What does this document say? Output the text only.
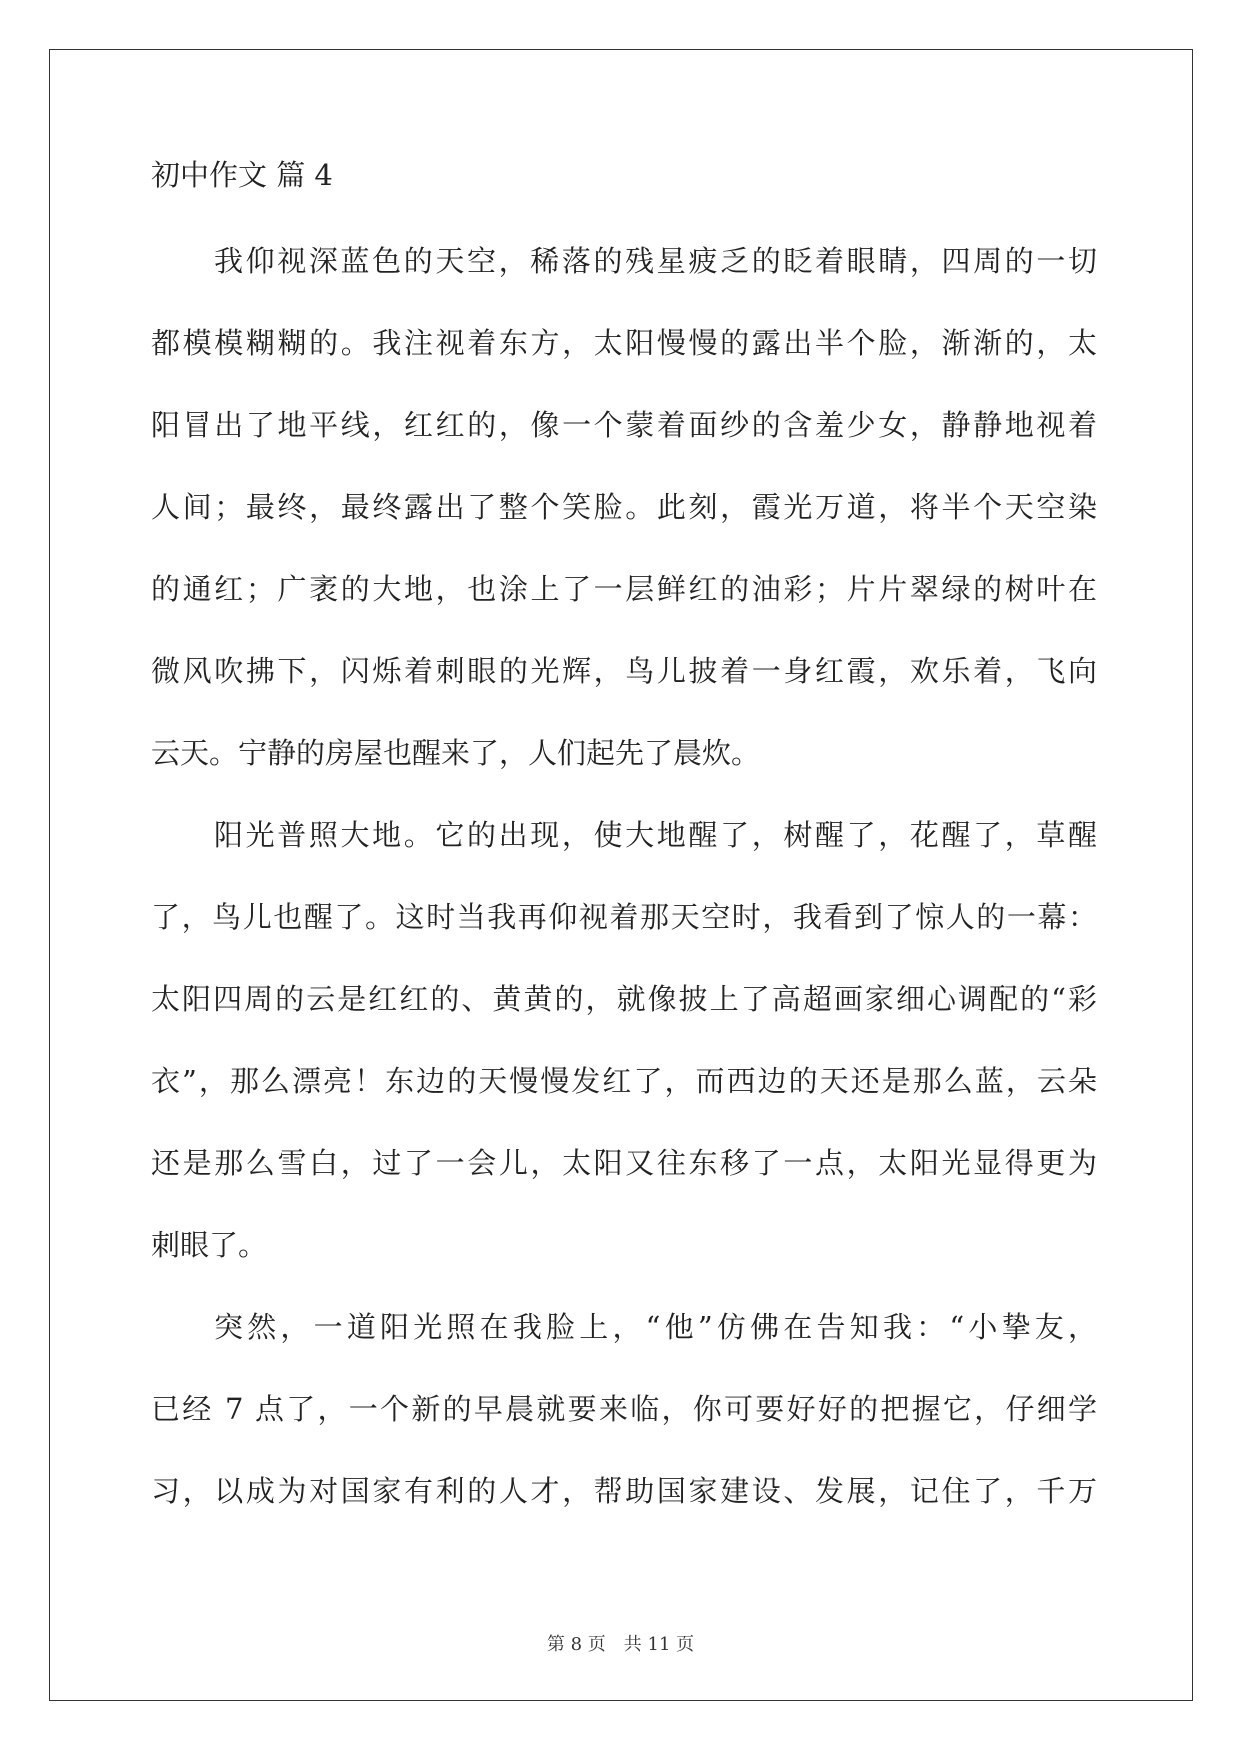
初中作文 篇 4
我仰视深蓝色的天空，稀落的残星疲乏的眨着眼睛，四周的一切
都模模糊糊的。我注视着东方，太阳慢慢的露出半个脸，渐渐的，太
阳冒出了地平线，红红的，像一个蒙着面纱的含羞少女，静静地视着
人间；最终，最终露出了整个笑脸。此刻，霞光万道，将半个天空染
的通红；广袤的大地，也涂上了一层鲜红的油彩；片片翠绿的树叶在
微风吹拂下，闪烁着刺眼的光辉，鸟儿披着一身红霞，欢乐着，飞向
云天。宁静的房屋也醒来了，人们起先了晨炊。
阳光普照大地。它的出现，使大地醒了，树醒了，花醒了，草醒
了，鸟儿也醒了。这时当我再仰视着那天空时，我看到了惊人的一幕：
太阳四周的云是红红的、黄黄的，就像披上了高超画家细心调配的“彩
衣”，那么漂亮！东边的天慢慢发红了，而西边的天还是那么蓝，云朵
还是那么雪白，过了一会儿，太阳又往东移了一点，太阳光显得更为
刺眼了。
突然，一道阳光照在我脸上，“他”仿佛在告知我：“小挚友，
已经 7 点了，一个新的早晨就要来临，你可要好好的把握它，仔细学
习，以成为对国家有利的人才，帮助国家建设、发展，记住了，千万
第 8 页　共 11 页
